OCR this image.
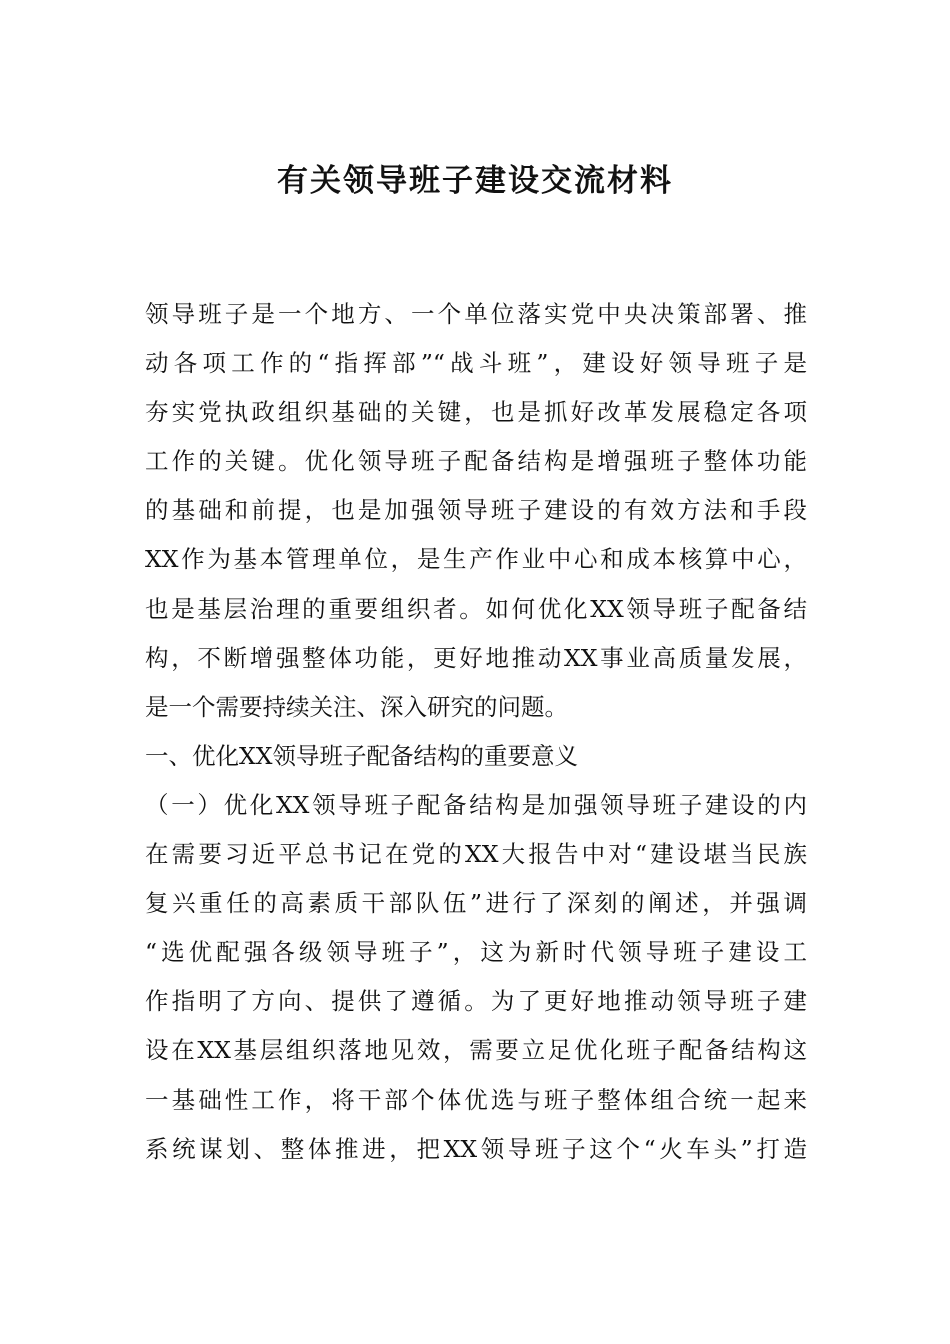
有关领导班子建设交流材料
领导班子是一个地方、一个单位落实党中央决策部署、推
动各项工作的“指挥部”“战斗班”，建设好领导班子是
夯实党执政组织基础的关键，也是抓好改革发展稳定各项
工作的关键。优化领导班子配备结构是增强班子整体功能
的基础和前提，也是加强领导班子建设的有效方法和手段
XX作为基本管理单位，是生产作业中心和成本核算中心，
也是基层治理的重要组织者。如何优化XX领导班子配备结
构，不断增强整体功能，更好地推动XX事业高质量发展，
是一个需要持续关注、深入研究的问题。
一、优化XX领导班子配备结构的重要意义
（一）优化XX领导班子配备结构是加强领导班子建设的内
在需要习近平总书记在党的XX大报告中对“建设堪当民族
复兴重任的高素质干部队伍”进行了深刻的阐述，并强调
“选优配强各级领导班子”，这为新时代领导班子建设工
作指明了方向、提供了遵循。为了更好地推动领导班子建
设在XX基层组织落地见效，需要立足优化班子配备结构这
一基础性工作，将干部个体优选与班子整体组合统一起来
系统谋划、整体推进，把XX领导班子这个“火车头”打造
